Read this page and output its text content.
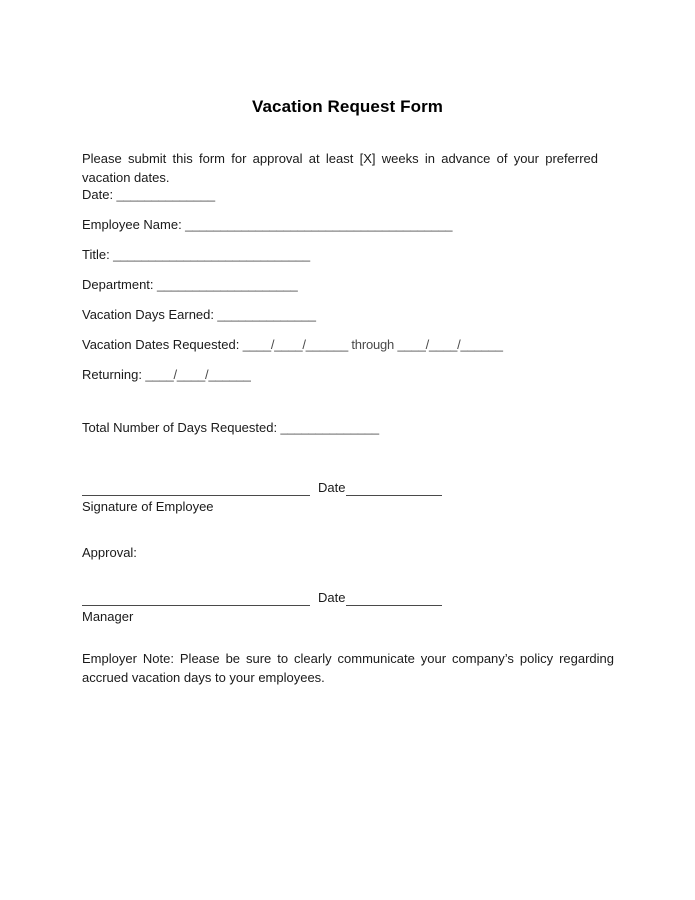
Vacation Request Form

Please submit this form for approval at least [X] weeks in advance of your preferred vacation dates.

Date: ______________
Employee Name: ______________________________________
Title: ____________________________
Department: ____________________
Vacation Days Earned: ______________
Vacation Dates Requested: ____/____/______ through ____/____/______
Returning: ____/____/______
Total Number of Days Requested: ______________
Date
Signature of Employee
Approval:
Date
Manager

Employer Note: Please be sure to clearly communicate your company’s policy regarding accrued vacation days to your employees.
